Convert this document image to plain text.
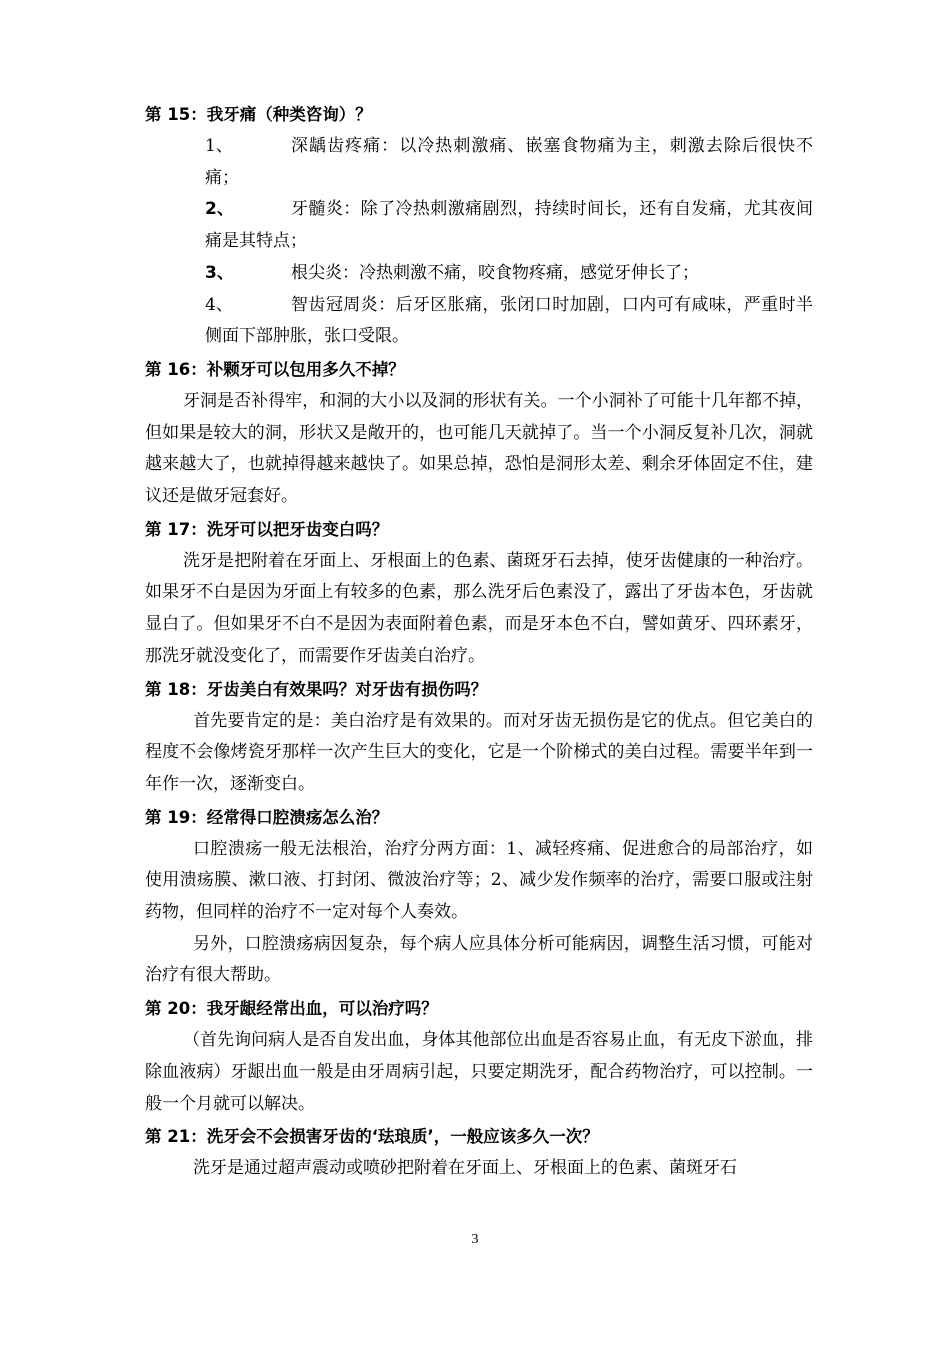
第 15：我牙痛（种类咨询）？
1、	深龋齿疼痛：以冷热刺激痛、嵌塞食物痛为主，刺激去除后很快不痛；
2、	牙髓炎：除了冷热刺激痛剧烈，持续时间长，还有自发痛，尤其夜间痛是其特点；
3、	根尖炎：冷热刺激不痛，咬食物疼痛，感觉牙伸长了；
4、	智齿冠周炎：后牙区胀痛，张闭口时加剧，口内可有咸味，严重时半侧面下部肿胀，张口受限。
第 16：补颗牙可以包用多久不掉？

牙洞是否补得牢，和洞的大小以及洞的形状有关。一个小洞补了可能十几年都不掉，但如果是较大的洞，形状又是敞开的，也可能几天就掉了。当一个小洞反复补几次，洞就越来越大了，也就掉得越来越快了。如果总掉，恐怕是洞形太差、剩余牙体固定不住，建议还是做牙冠套好。

第 17：洗牙可以把牙齿变白吗？

洗牙是把附着在牙面上、牙根面上的色素、菌斑牙石去掉，使牙齿健康的一种治疗。如果牙不白是因为牙面上有较多的色素，那么洗牙后色素没了，露出了牙齿本色，牙齿就显白了。但如果牙不白不是因为表面附着色素，而是牙本色不白，譬如黄牙、四环素牙，那洗牙就没变化了，而需要作牙齿美白治疗。

第 18：牙齿美白有效果吗？对牙齿有损伤吗？

首先要肯定的是：美白治疗是有效果的。而对牙齿无损伤是它的优点。但它美白的程度不会像烤瓷牙那样一次产生巨大的变化，它是一个阶梯式的美白过程。需要半年到一年作一次，逐渐变白。

第 19：经常得口腔溃疡怎么治？

口腔溃疡一般无法根治，治疗分两方面：1、减轻疼痛、促进愈合的局部治疗，如使用溃疡膜、漱口液、打封闭、微波治疗等；2、减少发作频率的治疗，需要口服或注射药物，但同样的治疗不一定对每个人奏效。

另外，口腔溃疡病因复杂，每个病人应具体分析可能病因，调整生活习惯，可能对治疗有很大帮助。

第 20：我牙龈经常出血，可以治疗吗？

（首先询问病人是否自发出血，身体其他部位出血是否容易止血，有无皮下淤血，排除血液病）牙龈出血一般是由牙周病引起，只要定期洗牙，配合药物治疗，可以控制。一般一个月就可以解决。

第 21：洗牙会不会损害牙齿的‘珐琅质’，一般应该多久一次？

洗牙是通过超声震动或喷砂把附着在牙面上、牙根面上的色素、菌斑牙石

3
